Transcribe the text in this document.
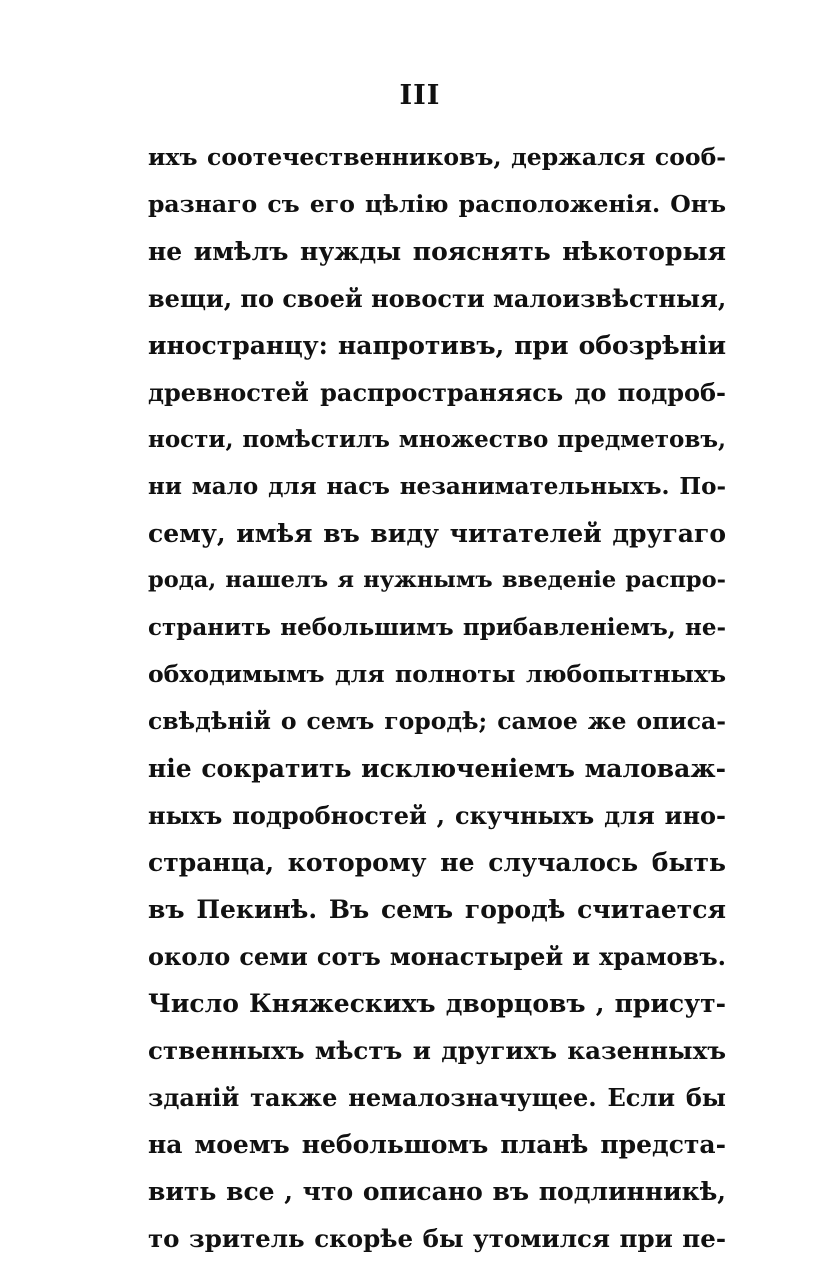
III
ихъ соотечественниковъ, держался сооб-
разнаго съ его цѣлію расположенія. Онъ
не имѣлъ нужды пояснять нѣкоторыя
вещи, по своей новости малоизвѣстныя,
иностранцу: напротивъ, при обозрѣніи
древностей распространяясь до подроб-
ности, помѣстилъ множество предметовъ,
ни мало для насъ незанимательныхъ. По-
сему, имѣя въ виду читателей другаго
рода, нашелъ я нужнымъ введеніе распро-
странить небольшимъ прибавленіемъ, не-
обходимымъ для полноты любопытныхъ
свѣдѣній о семъ городѣ; самое же описа-
ніе сократить исключеніемъ маловаж-
ныхъ подробностей , скучныхъ для ино-
странца, которому не случалось быть
въ Пекинѣ. Въ семъ городѣ считается
около семи сотъ монастырей и храмовъ.
Число Княжескихъ дворцовъ , присут-
ственныхъ мѣстъ и другихъ казенныхъ
зданій также немалозначущее. Если бы
на моемъ небольшомъ планѣ предста-
вить все , что описано въ подлинникѣ,
то зритель скорѣе бы утомился при пе-
